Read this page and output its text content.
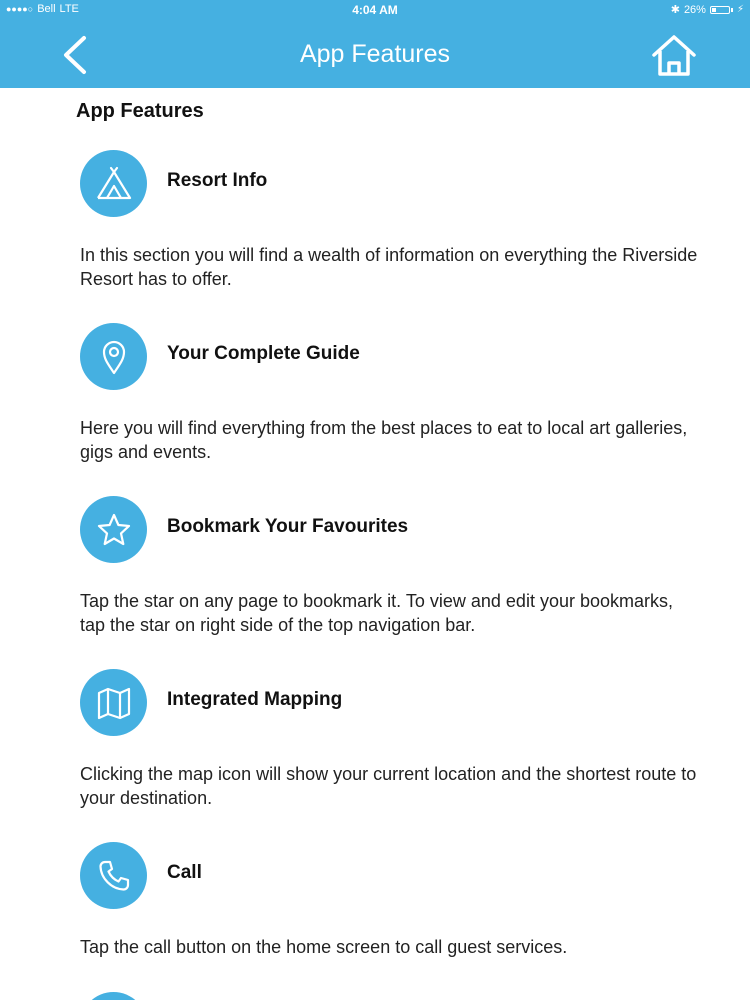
●●●●○ Bell LTE	4:04 AM	✱ 26%	⚡
App Features
App Features
Resort Info

In this section you will find a wealth of information on everything the Riverside Resort has to offer.

Your Complete Guide

Here you will find everything from the best places to eat to local art galleries, gigs and events.

Bookmark Your Favourites

Tap the star on any page to bookmark it. To view and edit your bookmarks, tap the star on right side of the top navigation bar.

Integrated Mapping

Clicking the map icon will show your current location and the shortest route to your destination.

Call

Tap the call button on the home screen to call guest services.
